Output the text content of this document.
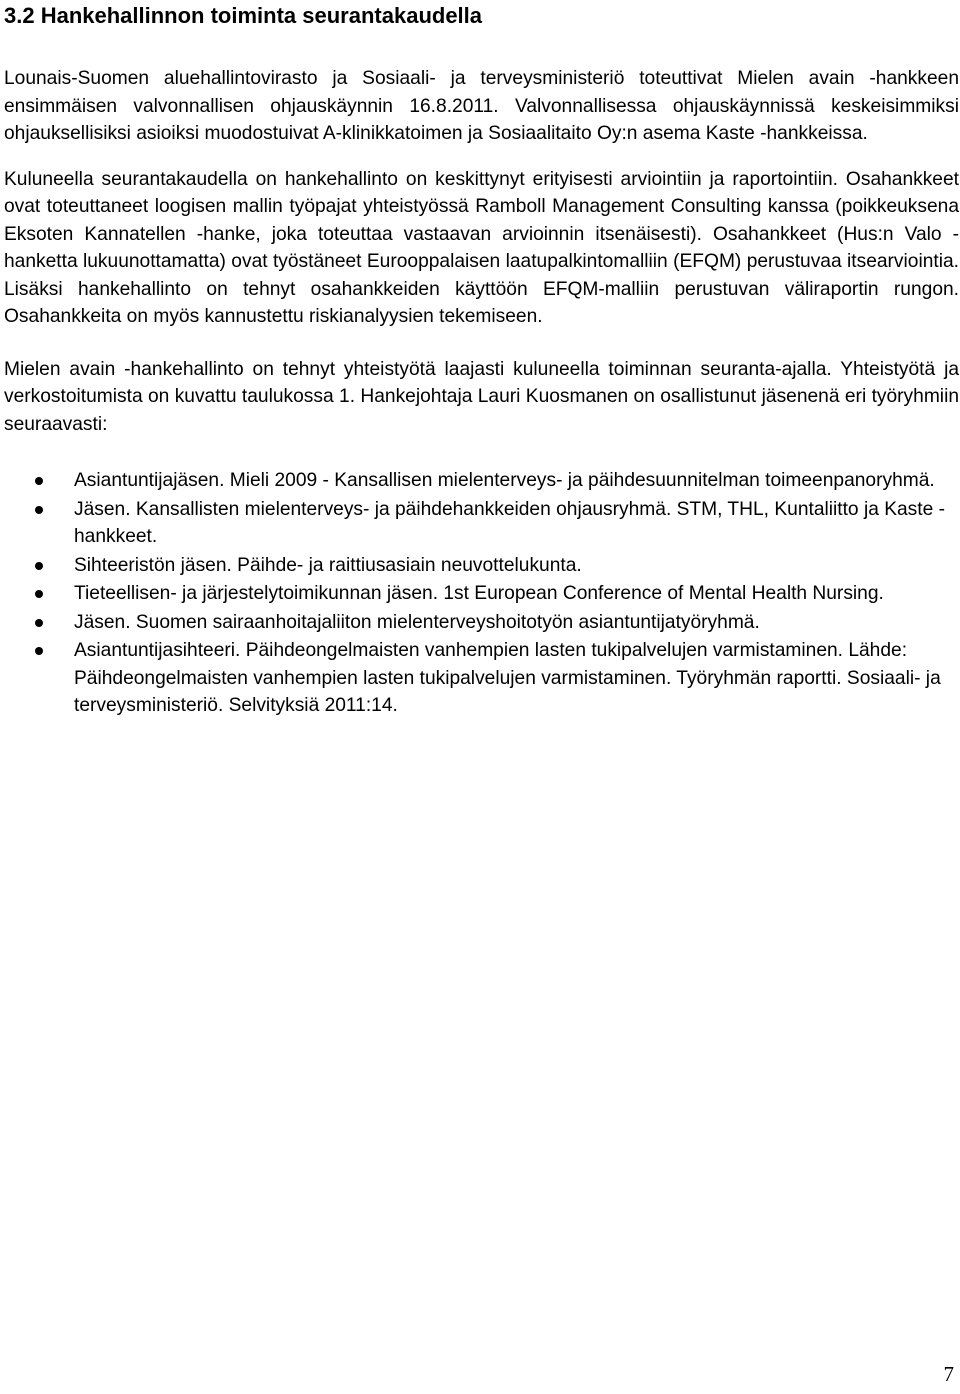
3.2 Hankehallinnon toiminta seurantakaudella

Lounais-Suomen aluehallintovirasto ja Sosiaali- ja terveysministeriö toteuttivat Mielen avain -hankkeen ensimmäisen valvonnallisen ohjauskäynnin 16.8.2011. Valvonnallisessa ohjauskäynnissä keskeisimmiksi ohjauksellisiksi asioiksi muodostuivat A-klinikkatoimen ja Sosiaalitaito Oy:n asema Kaste -hankkeissa.

Kuluneella seurantakaudella on hankehallinto on keskittynyt erityisesti arviointiin ja raportointiin. Osahankkeet ovat toteuttaneet loogisen mallin työpajat yhteistyössä Ramboll Management Consulting kanssa (poikkeuksena Eksoten Kannatellen -hanke, joka toteuttaa vastaavan arvioinnin itsenäisesti). Osahankkeet (Hus:n Valo -hanketta lukuunottamatta) ovat työstäneet Eurooppalaisen laatupalkintomalliin (EFQM) perustuvaa itsearviointia. Lisäksi hankehallinto on tehnyt osahankkeiden käyttöön EFQM-malliin perustuvan väliraportin rungon. Osahankkeita on myös kannustettu riskianalyysien tekemiseen.

Mielen avain -hankehallinto on tehnyt yhteistyötä laajasti kuluneella toiminnan seuranta-ajalla. Yhteistyötä ja verkostoitumista on kuvattu taulukossa 1. Hankejohtaja Lauri Kuosmanen on osallistunut jäsenenä eri työryhmiin seuraavasti:

Asiantuntijajäsen. Mieli 2009 - Kansallisen mielenterveys- ja päihdesuunnitelman toimeenpanoryhmä.
Jäsen. Kansallisten mielenterveys- ja päihdehankkeiden ohjausryhmä. STM, THL, Kuntaliitto ja Kaste -hankkeet.
Sihteeristön jäsen. Päihde- ja raittiusasiain neuvottelukunta.
Tieteellisen- ja järjestelytoimikunnan jäsen. 1st European Conference of Mental Health Nursing.
Jäsen. Suomen sairaanhoitajaliiton mielenterveyshoitotyön asiantuntijatyöryhmä.
Asiantuntijasihteeri. Päihdeongelmaisten vanhempien lasten tukipalvelujen varmistaminen. Lähde: Päihdeongelmaisten vanhempien lasten tukipalvelujen varmistaminen. Työryhmän raportti. Sosiaali- ja terveysministeriö. Selvityksiä 2011:14.
7
